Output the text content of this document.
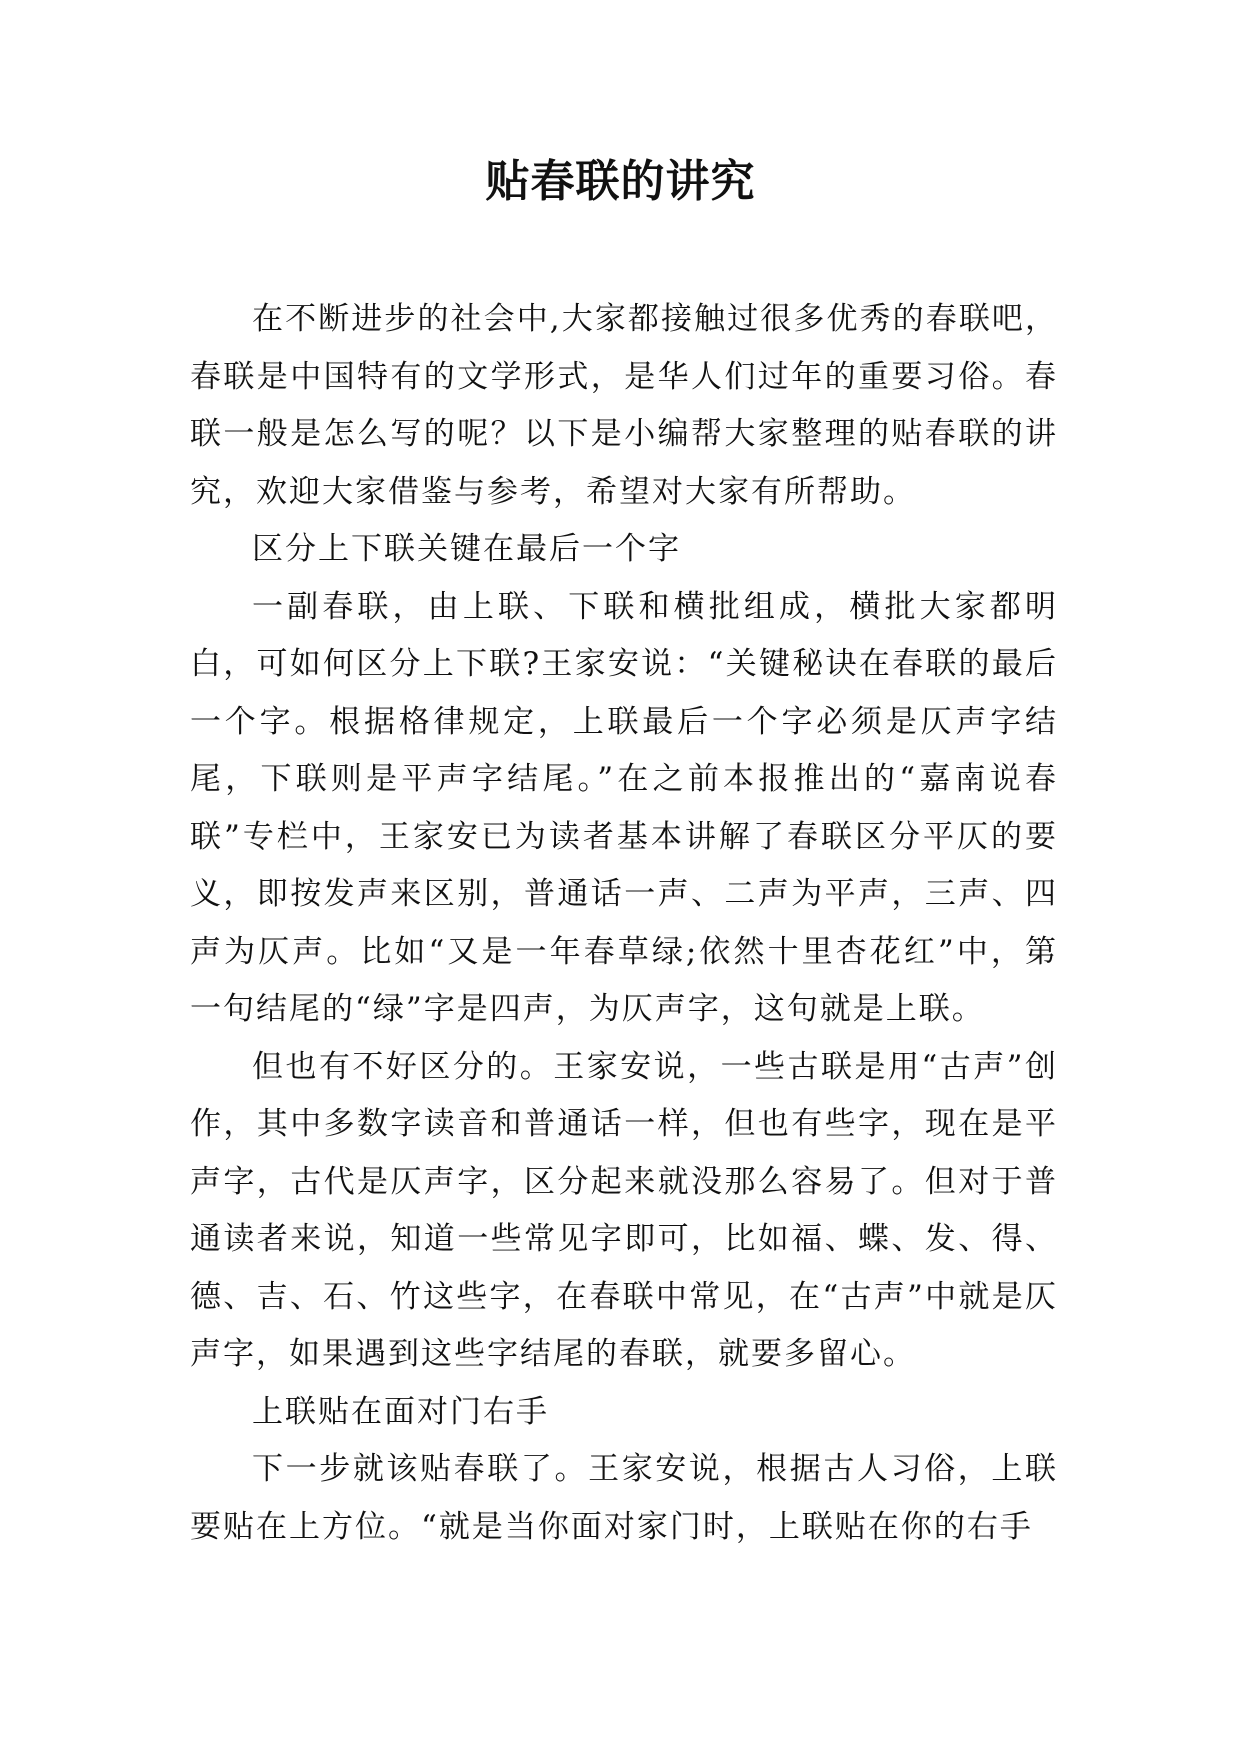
贴春联的讲究

在不断进步的社会中,大家都接触过很多优秀的春联吧，春联是中国特有的文学形式，是华人们过年的重要习俗。春联一般是怎么写的呢？以下是小编帮大家整理的贴春联的讲究，欢迎大家借鉴与参考，希望对大家有所帮助。

区分上下联关键在最后一个字

一副春联，由上联、下联和横批组成，横批大家都明白，可如何区分上下联?王家安说：“关键秘诀在春联的最后一个字。根据格律规定，上联最后一个字必须是仄声字结尾，下联则是平声字结尾。”在之前本报推出的“嘉南说春联”专栏中，王家安已为读者基本讲解了春联区分平仄的要义，即按发声来区别，普通话一声、二声为平声，三声、四声为仄声。比如“又是一年春草绿;依然十里杏花红”中，第一句结尾的“绿”字是四声，为仄声字，这句就是上联。

但也有不好区分的。王家安说，一些古联是用“古声”创作，其中多数字读音和普通话一样，但也有些字，现在是平声字，古代是仄声字，区分起来就没那么容易了。但对于普通读者来说，知道一些常见字即可，比如福、蝶、发、得、德、吉、石、竹这些字，在春联中常见，在“古声”中就是仄声字，如果遇到这些字结尾的春联，就要多留心。

上联贴在面对门右手

下一步就该贴春联了。王家安说，根据古人习俗，上联要贴在上方位。“就是当你面对家门时，上联贴在你的右手
